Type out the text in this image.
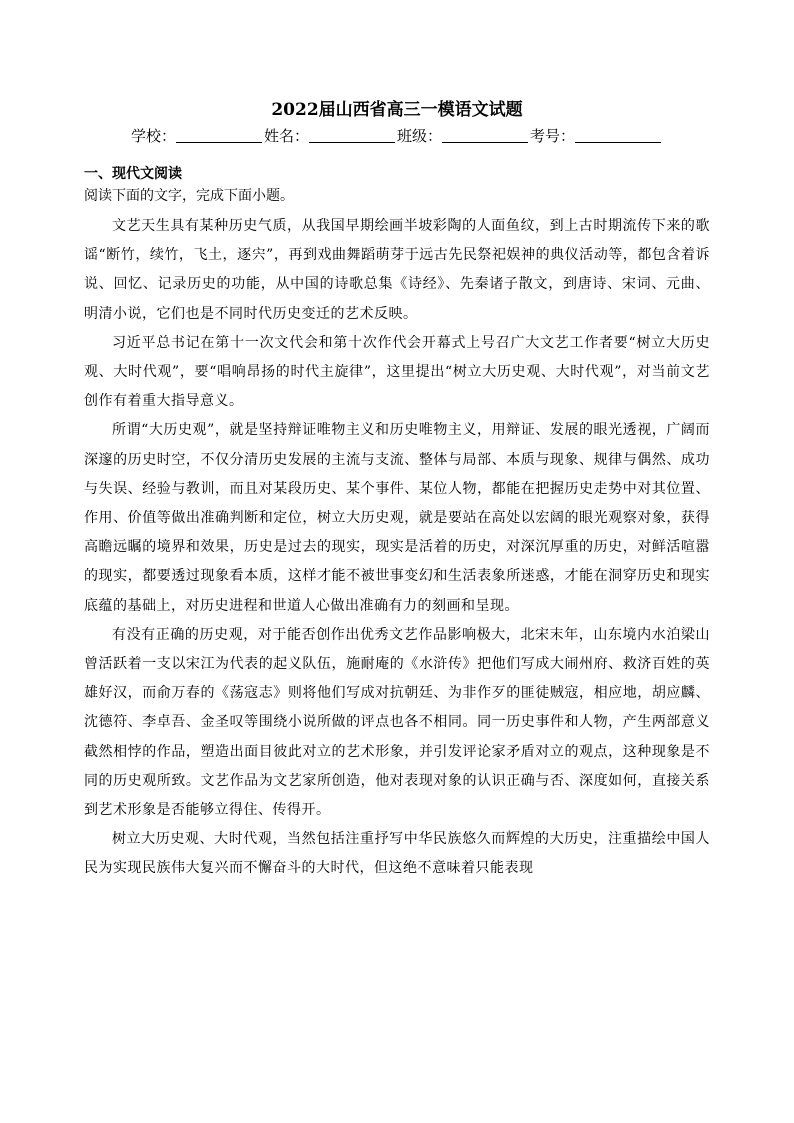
2022届山西省高三一模语文试题
学校：	姓名：	班级：	考号：
一、现代文阅读
阅读下面的文字，完成下面小题。

文艺天生具有某种历史气质，从我国早期绘画半坡彩陶的人面鱼纹，到上古时期流传下来的歌谣“断竹，续竹，飞土，逐宍”，再到戏曲舞蹈萌芽于远古先民祭祀娱神的典仪活动等，都包含着诉说、回忆、记录历史的功能，从中国的诗歌总集《诗经》、先秦诸子散文，到唐诗、宋词、元曲、明清小说，它们也是不同时代历史变迁的艺术反映。

习近平总书记在第十一次文代会和第十次作代会开幕式上号召广大文艺工作者要“树立大历史观、大时代观”，要“唱响昂扬的时代主旋律”，这里提出“树立大历史观、大时代观”，对当前文艺创作有着重大指导意义。

所谓“大历史观”，就是坚持辩证唯物主义和历史唯物主义，用辩证、发展的眼光透视，广阔而深邃的历史时空，不仅分清历史发展的主流与支流、整体与局部、本质与现象、规律与偶然、成功与失误、经验与教训，而且对某段历史、某个事件、某位人物，都能在把握历史走势中对其位置、作用、价值等做出准确判断和定位，树立大历史观，就是要站在高处以宏阔的眼光观察对象，获得高瞻远瞩的境界和效果，历史是过去的现实，现实是活着的历史，对深沉厚重的历史，对鲜活喧嚣的现实，都要透过现象看本质，这样才能不被世事变幻和生活表象所迷惑，才能在洞穿历史和现实底蕴的基础上，对历史进程和世道人心做出准确有力的刻画和呈现。

有没有正确的历史观，对于能否创作出优秀文艺作品影响极大，北宋末年，山东境内水泊梁山曾活跃着一支以宋江为代表的起义队伍，施耐庵的《水浒传》把他们写成大闹州府、救济百姓的英雄好汉，而俞万春的《荡寇志》则将他们写成对抗朝廷、为非作歹的匪徒贼寇，相应地，胡应麟、沈德符、李卓吾、金圣叹等围绕小说所做的评点也各不相同。同一历史事件和人物，产生两部意义截然相悖的作品，塑造出面目彼此对立的艺术形象，并引发评论家矛盾对立的观点，这种现象是不同的历史观所致。文艺作品为文艺家所创造，他对表现对象的认识正确与否、深度如何，直接关系到艺术形象是否能够立得住、传得开。

树立大历史观、大时代观，当然包括注重抒写中华民族悠久而辉煌的大历史，注重描绘中国人民为实现民族伟大复兴而不懈奋斗的大时代，但这绝不意味着只能表现
